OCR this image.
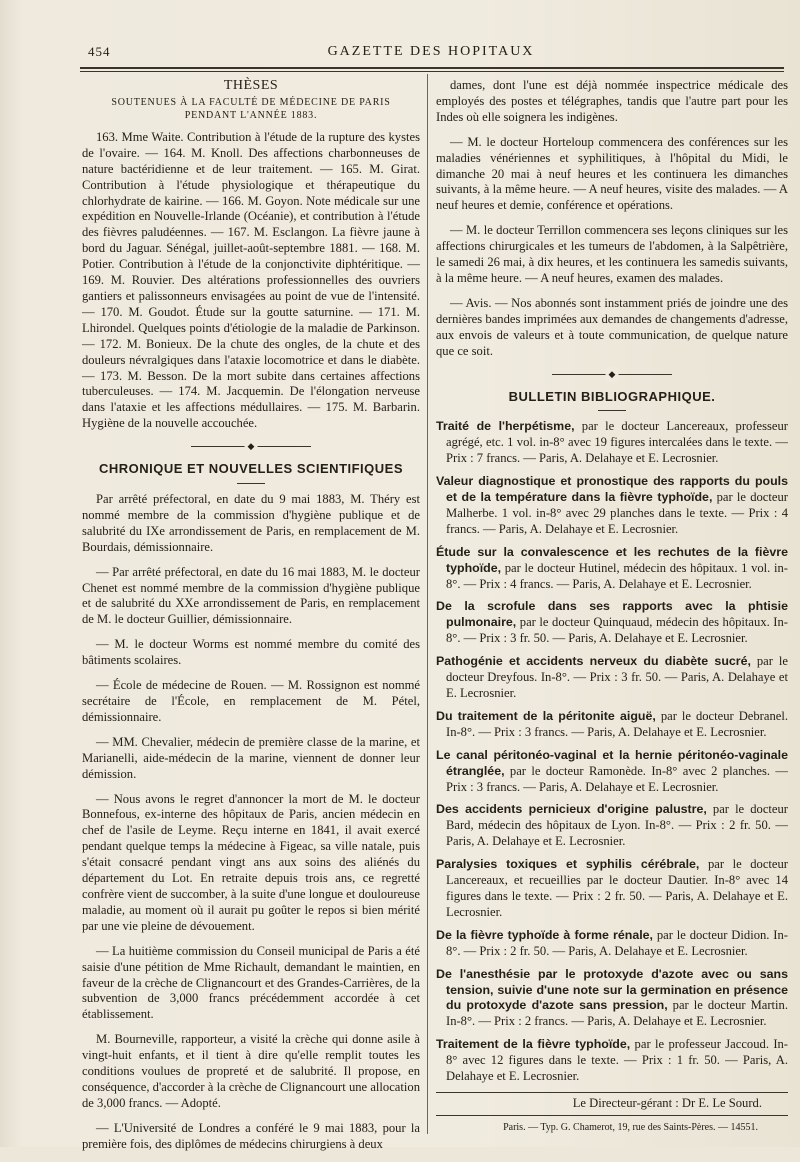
454	GAZETTE DES HOPITAUX
THÈSES
SOUTENUES À LA FACULTÉ DE MÉDECINE DE PARIS
PENDANT L'ANNÉE 1883.

163. Mme Waite. Contribution à l'étude de la rupture des kystes de l'ovaire. — 164. M. Knoll. Des affections charbonneuses de nature bactéridienne et de leur traitement. — 165. M. Girat. Contribution à l'étude physiologique et thérapeutique du chlorhydrate de kairine. — 166. M. Goyon. Note médicale sur une expédition en Nouvelle-Irlande (Océanie), et contribution à l'étude des fièvres paludéennes. — 167. M. Esclangon. La fièvre jaune à bord du Jaguar. Sénégal, juillet-août-septembre 1881. — 168. M. Potier. Contribution à l'étude de la conjonctivite diphtéritique. — 169. M. Rouvier. Des altérations professionnelles des ouvriers gantiers et palissonneurs envisagées au point de vue de l'intensité. — 170. M. Goudot. Étude sur la goutte saturnine. — 171. M. Lhirondel. Quelques points d'étiologie de la maladie de Parkinson. — 172. M. Bonieux. De la chute des ongles, de la chute et des douleurs névralgiques dans l'ataxie locomotrice et dans le diabète. — 173. M. Besson. De la mort subite dans certaines affections tuberculeuses. — 174. M. Jacquemin. De l'élongation nerveuse dans l'ataxie et les affections médullaires. — 175. M. Barbarin. Hygiène de la nouvelle accouchée.

◆
CHRONIQUE ET NOUVELLES SCIENTIFIQUES

Par arrêté préfectoral, en date du 9 mai 1883, M. Théry est nommé membre de la commission d'hygiène publique et de salubrité du IXe arrondissement de Paris, en remplacement de M. Bourdais, démissionnaire.

— Par arrêté préfectoral, en date du 16 mai 1883, M. le docteur Chenet est nommé membre de la commission d'hygiène publique et de salubrité du XXe arrondissement de Paris, en remplacement de M. le docteur Guillier, démissionnaire.

— M. le docteur Worms est nommé membre du comité des bâtiments scolaires.

— École de médecine de Rouen. — M. Rossignon est nommé secrétaire de l'École, en remplacement de M. Pétel, démissionnaire.

— MM. Chevalier, médecin de première classe de la marine, et Marianelli, aide-médecin de la marine, viennent de donner leur démission.

— Nous avons le regret d'annoncer la mort de M. le docteur Bonnefous, ex-interne des hôpitaux de Paris, ancien médecin en chef de l'asile de Leyme. Reçu interne en 1841, il avait exercé pendant quelque temps la médecine à Figeac, sa ville natale, puis s'était consacré pendant vingt ans aux soins des aliénés du département du Lot. En retraite depuis trois ans, ce regretté confrère vient de succomber, à la suite d'une longue et douloureuse maladie, au moment où il aurait pu goûter le repos si bien mérité par une vie pleine de dévouement.

— La huitième commission du Conseil municipal de Paris a été saisie d'une pétition de Mme Richault, demandant le maintien, en faveur de la crèche de Clignancourt et des Grandes-Carrières, de la subvention de 3,000 francs précédemment accordée à cet établissement.

M. Bourneville, rapporteur, a visité la crèche qui donne asile à vingt-huit enfants, et il tient à dire qu'elle remplit toutes les conditions voulues de propreté et de salubrité. Il propose, en conséquence, d'accorder à la crèche de Clignancourt une allocation de 3,000 francs. — Adopté.

— L'Université de Londres a conféré le 9 mai 1883, pour la première fois, des diplômes de médecins chirurgiens à deux

dames, dont l'une est déjà nommée inspectrice médicale des employés des postes et télégraphes, tandis que l'autre part pour les Indes où elle soignera les indigènes.

— M. le docteur Horteloup commencera des conférences sur les maladies vénériennes et syphilitiques, à l'hôpital du Midi, le dimanche 20 mai à neuf heures et les continuera les dimanches suivants, à la même heure. — A neuf heures, visite des malades. — A neuf heures et demie, conférence et opérations.

— M. le docteur Terrillon commencera ses leçons cliniques sur les affections chirurgicales et les tumeurs de l'abdomen, à la Salpêtrière, le samedi 26 mai, à dix heures, et les continuera les samedis suivants, à la même heure. — A neuf heures, examen des malades.

— Avis. — Nos abonnés sont instamment priés de joindre une des dernières bandes imprimées aux demandes de changements d'adresse, aux envois de valeurs et à toute communication, de quelque nature que ce soit.

◆
BULLETIN BIBLIOGRAPHIQUE.

Traité de l'herpétisme, par le docteur Lancereaux, professeur agrégé, etc. 1 vol. in-8° avec 19 figures intercalées dans le texte. — Prix : 7 francs. — Paris, A. Delahaye et E. Lecrosnier.

Valeur diagnostique et pronostique des rapports du pouls et de la température dans la fièvre typhoïde, par le docteur Malherbe. 1 vol. in-8° avec 29 planches dans le texte. — Prix : 4 francs. — Paris, A. Delahaye et E. Lecrosnier.

Étude sur la convalescence et les rechutes de la fièvre typhoïde, par le docteur Hutinel, médecin des hôpitaux. 1 vol. in-8°. — Prix : 4 francs. — Paris, A. Delahaye et E. Lecrosnier.

De la scrofule dans ses rapports avec la phtisie pulmonaire, par le docteur Quinquaud, médecin des hôpitaux. In-8°. — Prix : 3 fr. 50. — Paris, A. Delahaye et E. Lecrosnier.

Pathogénie et accidents nerveux du diabète sucré, par le docteur Dreyfous. In-8°. — Prix : 3 fr. 50. — Paris, A. Delahaye et E. Lecrosnier.

Du traitement de la péritonite aiguë, par le docteur Debranel. In-8°. — Prix : 3 francs. — Paris, A. Delahaye et E. Lecrosnier.

Le canal péritonéo-vaginal et la hernie péritonéo-vaginale étranglée, par le docteur Ramonède. In-8° avec 2 planches. — Prix : 3 francs. — Paris, A. Delahaye et E. Lecrosnier.

Des accidents pernicieux d'origine palustre, par le docteur Bard, médecin des hôpitaux de Lyon. In-8°. — Prix : 2 fr. 50. — Paris, A. Delahaye et E. Lecrosnier.

Paralysies toxiques et syphilis cérébrale, par le docteur Lancereaux, et recueillies par le docteur Dautier. In-8° avec 14 figures dans le texte. — Prix : 2 fr. 50. — Paris, A. Delahaye et E. Lecrosnier.

De la fièvre typhoïde à forme rénale, par le docteur Didion. In-8°. — Prix : 2 fr. 50. — Paris, A. Delahaye et E. Lecrosnier.

De l'anesthésie par le protoxyde d'azote avec ou sans tension, suivie d'une note sur la germination en présence du protoxyde d'azote sans pression, par le docteur Martin. In-8°. — Prix : 2 francs. — Paris, A. Delahaye et E. Lecrosnier.

Traitement de la fièvre typhoïde, par le professeur Jaccoud. In-8° avec 12 figures dans le texte. — Prix : 1 fr. 50. — Paris, A. Delahaye et E. Lecrosnier.

Le Directeur-gérant : Dr E. Le Sourd.
Paris. — Typ. G. Chamerot, 19, rue des Saints-Pères. — 14551.
